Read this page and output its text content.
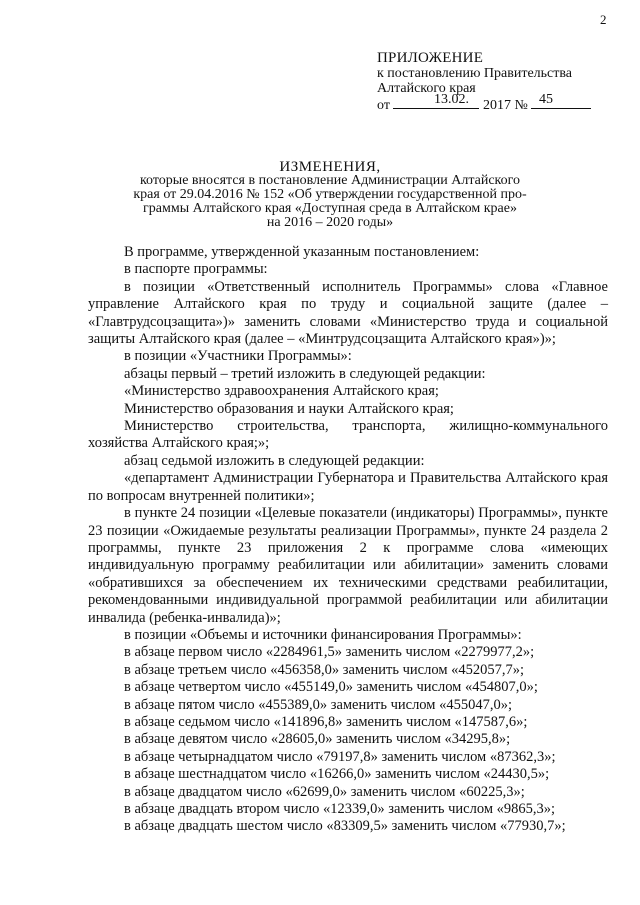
2
ПРИЛОЖЕНИЕ
к постановлению Правительства
Алтайского края
от	2017 №
13.02.	45
ИЗМЕНЕНИЯ,
которые вносятся в постановление Администрации Алтайского
края от 29.04.2016 № 152 «Об утверждении государственной про-
граммы Алтайского края «Доступная среда в Алтайском крае»
на 2016 – 2020 годы»

В программе, утвержденной указанным постановлением:

в паспорте программы:

в позиции «Ответственный исполнитель Программы» слова «Главное управление Алтайского края по труду и социальной защите (далее – «Главтрудсоцзащита»)» заменить словами «Министерство труда и социальной защиты Алтайского края (далее – «Минтрудсоцзащита Алтайского края»)»;

в позиции «Участники Программы»:

абзацы первый – третий изложить в следующей редакции:

«Министерство здравоохранения Алтайского края;

Министерство образования и науки Алтайского края;

Министерство строительства, транспорта, жилищно-коммунального хозяйства Алтайского края;»;

абзац седьмой изложить в следующей редакции:

«департамент Администрации Губернатора и Правительства Алтайского края по вопросам внутренней политики»;

в пункте 24 позиции «Целевые показатели (индикаторы) Программы», пункте 23 позиции «Ожидаемые результаты реализации Программы», пункте 24 раздела 2 программы, пункте 23 приложения 2 к программе слова «имеющих индивидуальную программу реабилитации или абилитации» заменить словами «обратившихся за обеспечением их техническими средствами реабилитации, рекомендованными индивидуальной программой реабилитации или абилитации инвалида (ребенка-инвалида)»;

в позиции «Объемы и источники финансирования Программы»:

в абзаце первом число «2284961,5» заменить числом «2279977,2»;

в абзаце третьем число «456358,0» заменить числом «452057,7»;

в абзаце четвертом число «455149,0» заменить числом «454807,0»;

в абзаце пятом число «455389,0» заменить числом «455047,0»;

в абзаце седьмом число «141896,8» заменить числом «147587,6»;

в абзаце девятом число «28605,0» заменить числом «34295,8»;

в абзаце четырнадцатом число «79197,8» заменить числом «87362,3»;

в абзаце шестнадцатом число «16266,0» заменить числом «24430,5»;

в абзаце двадцатом число «62699,0» заменить числом «60225,3»;

в абзаце двадцать втором число «12339,0» заменить числом «9865,3»;

в абзаце двадцать шестом число «83309,5» заменить числом «77930,7»;
